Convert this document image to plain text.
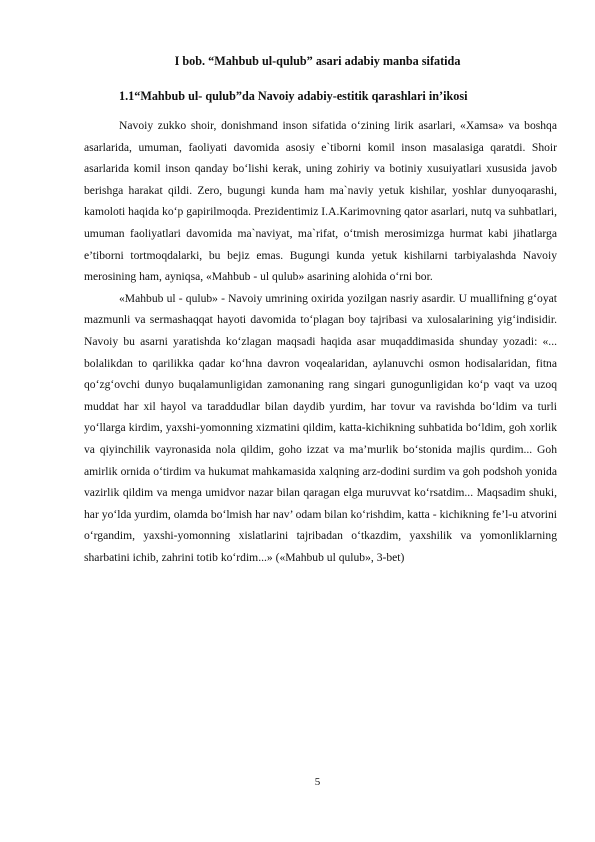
I bob. “Mahbub ul-qulub” asari adabiy manba sifatida
1.1“Mahbub ul- qulub”da Navoiy adabiy-estitik qarashlari in’ikosi

Navoiy zukko shoir, donishmand inson sifatida o‘zining lirik asarlari, «Xamsa» va boshqa asarlarida, umuman, faoliyati davomida asosiy e`tiborni komil inson masalasiga qaratdi. Shoir asarlarida komil inson qanday bo‘lishi kerak, uning zohiriy va botiniy xusuiyatlari xususida javob berishga harakat qildi. Zero, bugungi kunda ham ma`naviy yetuk kishilar, yoshlar dunyoqarashi, kamoloti haqida ko‘p gapirilmoqda. Prezidentimiz I.A.Karimovning qator asarlari, nutq va suhbatlari, umuman faoliyatlari davomida ma`naviyat, ma`rifat, o‘tmish merosimizga hurmat kabi jihatlarga e’tiborni tortmoqdalarki, bu bejiz emas. Bugungi kunda yetuk kishilarni tarbiyalashda Navoiy merosining ham, ayniqsa, «Mahbub - ul qulub» asarining alohida o‘rni bor.

«Mahbub ul - qulub» - Navoiy umrining oxirida yozilgan nasriy asardir. U muallifning g‘oyat mazmunli va sermashaqqat hayoti davomida to‘plagan boy tajribasi va xulosalarining yig‘indisidir. Navoiy bu asarni yaratishda ko‘zlagan maqsadi haqida asar muqaddimasida shunday yozadi: «... bolalikdan to qarilikka qadar ko‘hna davron voqealaridan, aylanuvchi osmon hodisalaridan, fitna qo‘zg‘ovchi dunyo buqalamunligidan zamonaning rang singari gunogunligidan ko‘p vaqt va uzoq muddat har xil hayol va taraddudlar bilan daydib yurdim, har tovur va ravishda bo‘ldim va turli yo‘llarga kirdim, yaxshi-yomonning xizmatini qildim, katta-kichikning suhbatida bo‘ldim, goh xorlik va qiyinchilik vayronasida nola qildim, goho izzat va ma’murlik bo‘stonida majlis qurdim... Goh amirlik ornida o‘tirdim va hukumat mahkamasida xalqning arz-dodini surdim va goh podshoh yonida vazirlik qildim va menga umidvor nazar bilan qaragan elga muruvvat ko‘rsatdim... Maqsadim shuki, har yo‘lda yurdim, olamda bo‘lmish har nav’ odam bilan ko‘rishdim, katta - kichikning fe’l-u atvorini o‘rgandim, yaxshi-yomonning xislatlarini tajribadan o‘tkazdim, yaxshilik va yomonliklarning sharbatini ichib, zahrini totib ko‘rdim...» («Mahbub ul qulub», 3-bet)

5
